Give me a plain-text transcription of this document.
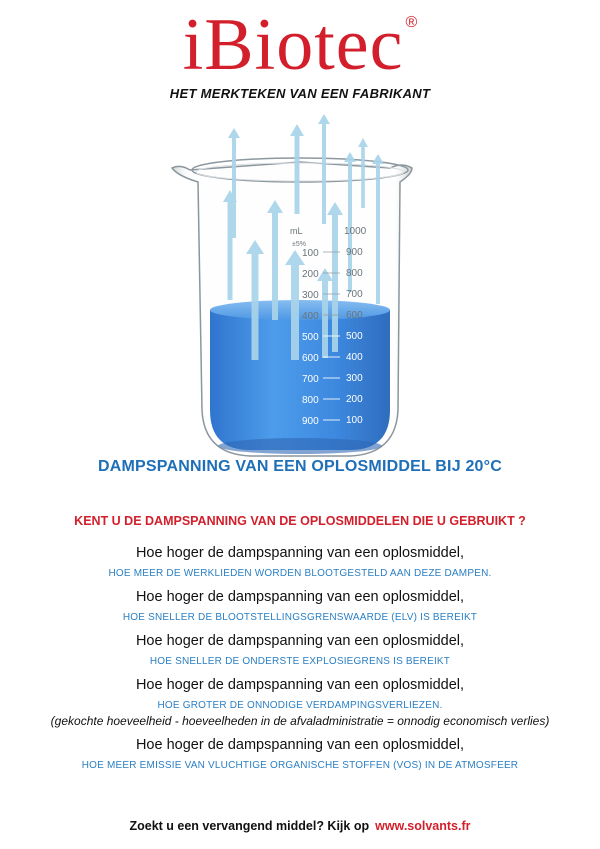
iBiotec ®
HET MERKTEKEN VAN EEN FABRIKANT
mL
±5%
100
200
300
400
500
600
700
800
900
1000
900
800
700
600
500
400
300
200
100
DAMPSPANNING VAN EEN OPLOSMIDDEL BIJ 20°C
KENT U DE DAMPSPANNING VAN DE OPLOSMIDDELEN DIE U GEBRUIKT ?
Hoe hoger de dampspanning van een oplosmiddel,
HOE MEER DE WERKLIEDEN WORDEN BLOOTGESTELD AAN DEZE DAMPEN.
Hoe hoger de dampspanning van een oplosmiddel,
HOE SNELLER DE BLOOTSTELLINGSGRENSWAARDE (ELV) IS BEREIKT
Hoe hoger de dampspanning van een oplosmiddel,
HOE SNELLER DE ONDERSTE EXPLOSIEGRENS IS BEREIKT
Hoe hoger de dampspanning van een oplosmiddel,
HOE GROTER DE ONNODIGE VERDAMPINGSVERLIEZEN.
(gekochte hoeveelheid - hoeveelheden in de afvaladministratie = onnodig economisch verlies)
Hoe hoger de dampspanning van een oplosmiddel,
HOE MEER EMISSIE VAN VLUCHTIGE ORGANISCHE STOFFEN (VOS) IN DE ATMOSFEER
Zoekt u een vervangend middel? Kijk op www.solvants.fr
